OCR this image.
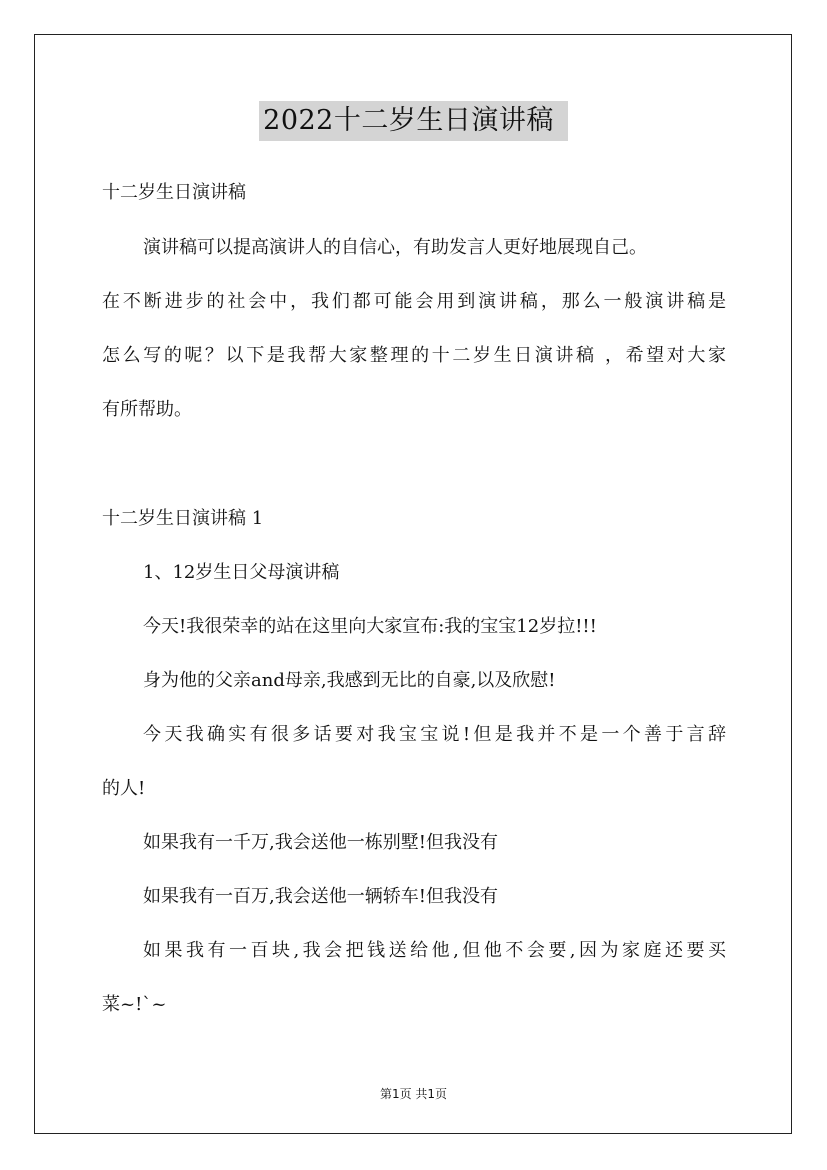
2022十二岁生日演讲稿
十二岁生日演讲稿
演讲稿可以提高演讲人的自信心，有助发言人更好地展现自己。
在不断进步的社会中，我们都可能会用到演讲稿，那么一般演讲稿是
怎么写的呢？以下是我帮大家整理的十二岁生日演讲稿 ，希望对大家
有所帮助。
十二岁生日演讲稿 1
1、12岁生日父母演讲稿
今天!我很荣幸的站在这里向大家宣布:我的宝宝12岁拉!!!
身为他的父亲and母亲,我感到无比的自豪,以及欣慰!
今天我确实有很多话要对我宝宝说!但是我并不是一个善于言辞
的人!
如果我有一千万,我会送他一栋别墅!但我没有
如果我有一百万,我会送他一辆轿车!但我没有
如果我有一百块,我会把钱送给他,但他不会要,因为家庭还要买
菜~!`~
第1页 共1页
